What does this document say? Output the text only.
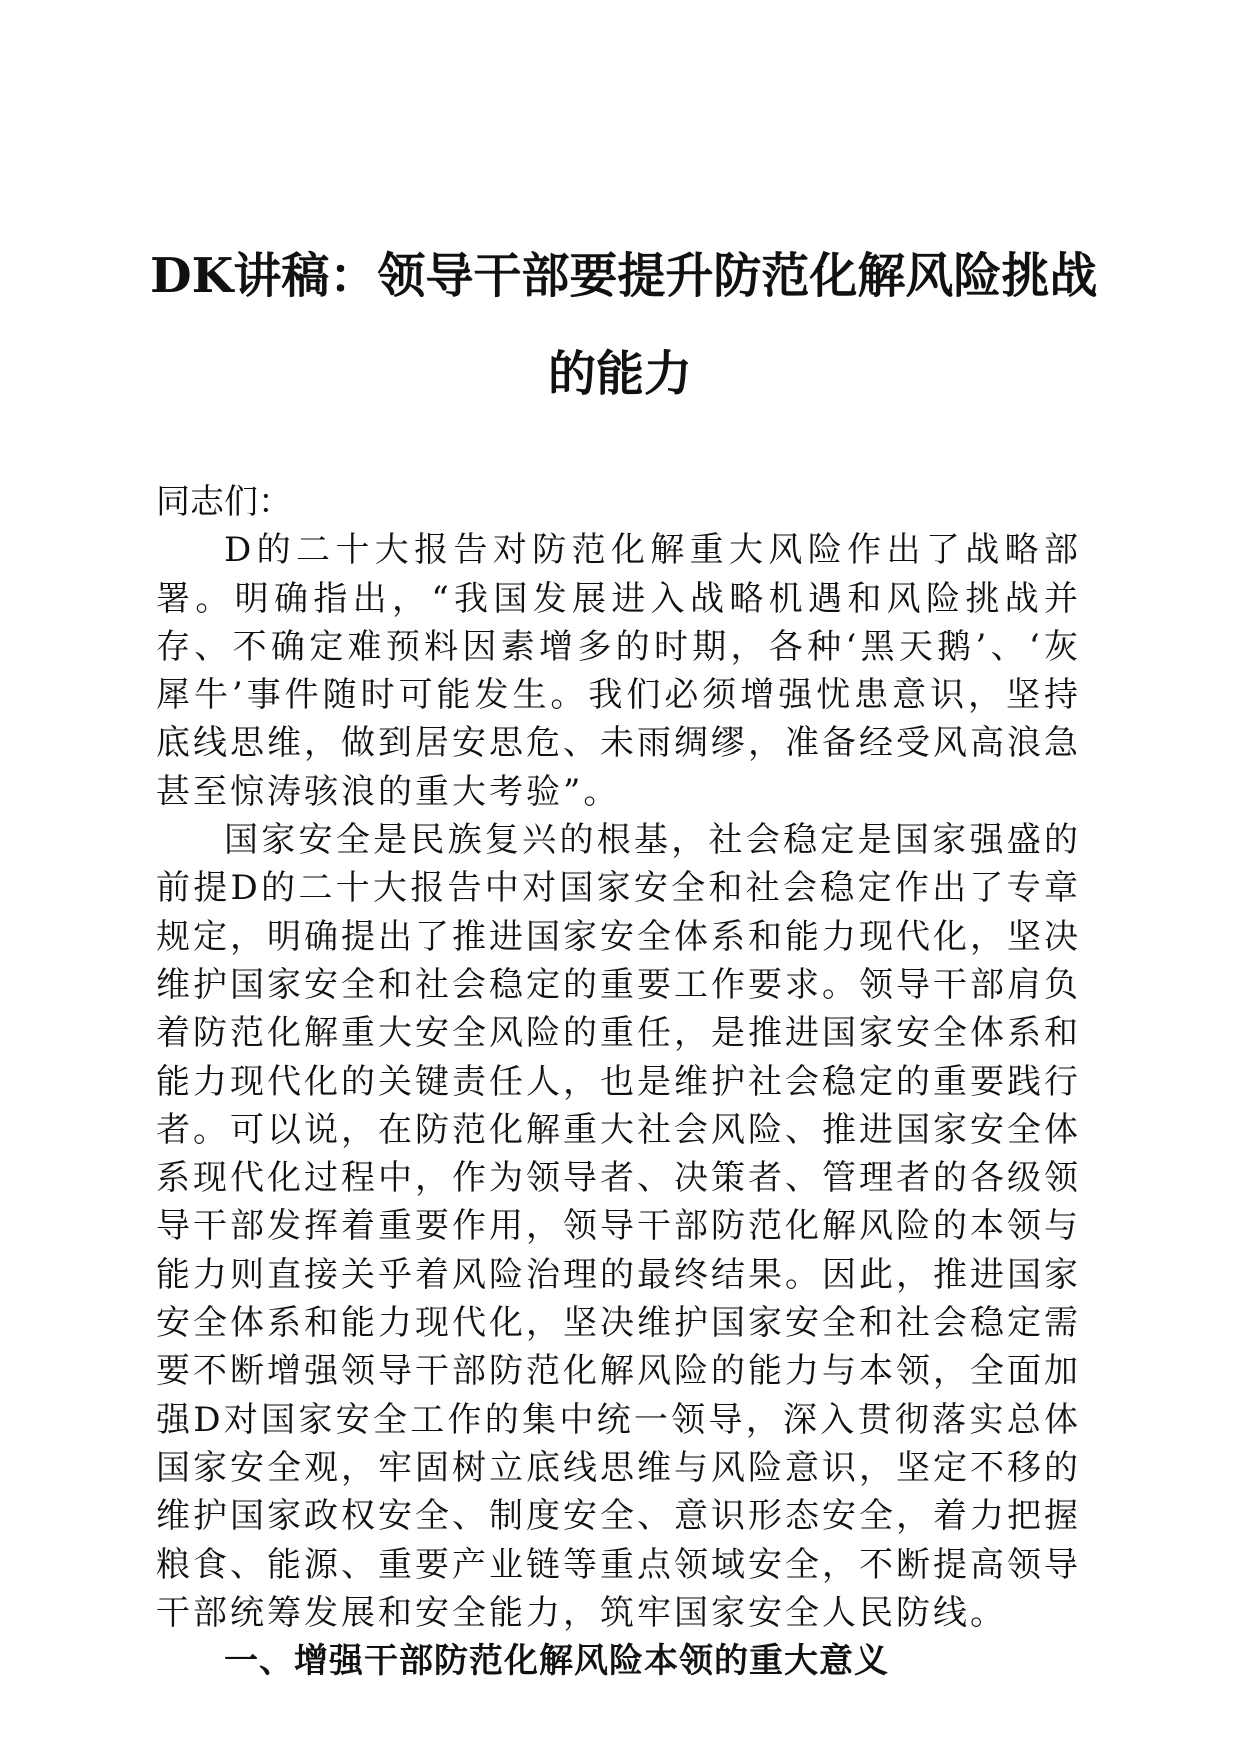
DK讲稿：领导干部要提升防范化解风险挑战
的能力

同志们：

D的二十大报告对防范化解重大风险作出了战略部署。明确指出，“我国发展进入战略机遇和风险挑战并存、不确定难预料因素增多的时期，各种‘黑天鹅’、‘灰犀牛’事件随时可能发生。我们必须增强忧患意识，坚持底线思维，做到居安思危、未雨绸缪，准备经受风高浪急甚至惊涛骇浪的重大考验”。

国家安全是民族复兴的根基，社会稳定是国家强盛的前提D的二十大报告中对国家安全和社会稳定作出了专章规定，明确提出了推进国家安全体系和能力现代化，坚决维护国家安全和社会稳定的重要工作要求。领导干部肩负着防范化解重大安全风险的重任，是推进国家安全体系和能力现代化的关键责任人，也是维护社会稳定的重要践行者。可以说，在防范化解重大社会风险、推进国家安全体系现代化过程中，作为领导者、决策者、管理者的各级领导干部发挥着重要作用，领导干部防范化解风险的本领与能力则直接关乎着风险治理的最终结果。因此，推进国家安全体系和能力现代化，坚决维护国家安全和社会稳定需要不断增强领导干部防范化解风险的能力与本领，全面加强D对国家安全工作的集中统一领导，深入贯彻落实总体国家安全观，牢固树立底线思维与风险意识，坚定不移的维护国家政权安全、制度安全、意识形态安全，着力把握粮食、能源、重要产业链等重点领域安全，不断提高领导干部统筹发展和安全能力，筑牢国家安全人民防线。

一、增强干部防范化解风险本领的重大意义
